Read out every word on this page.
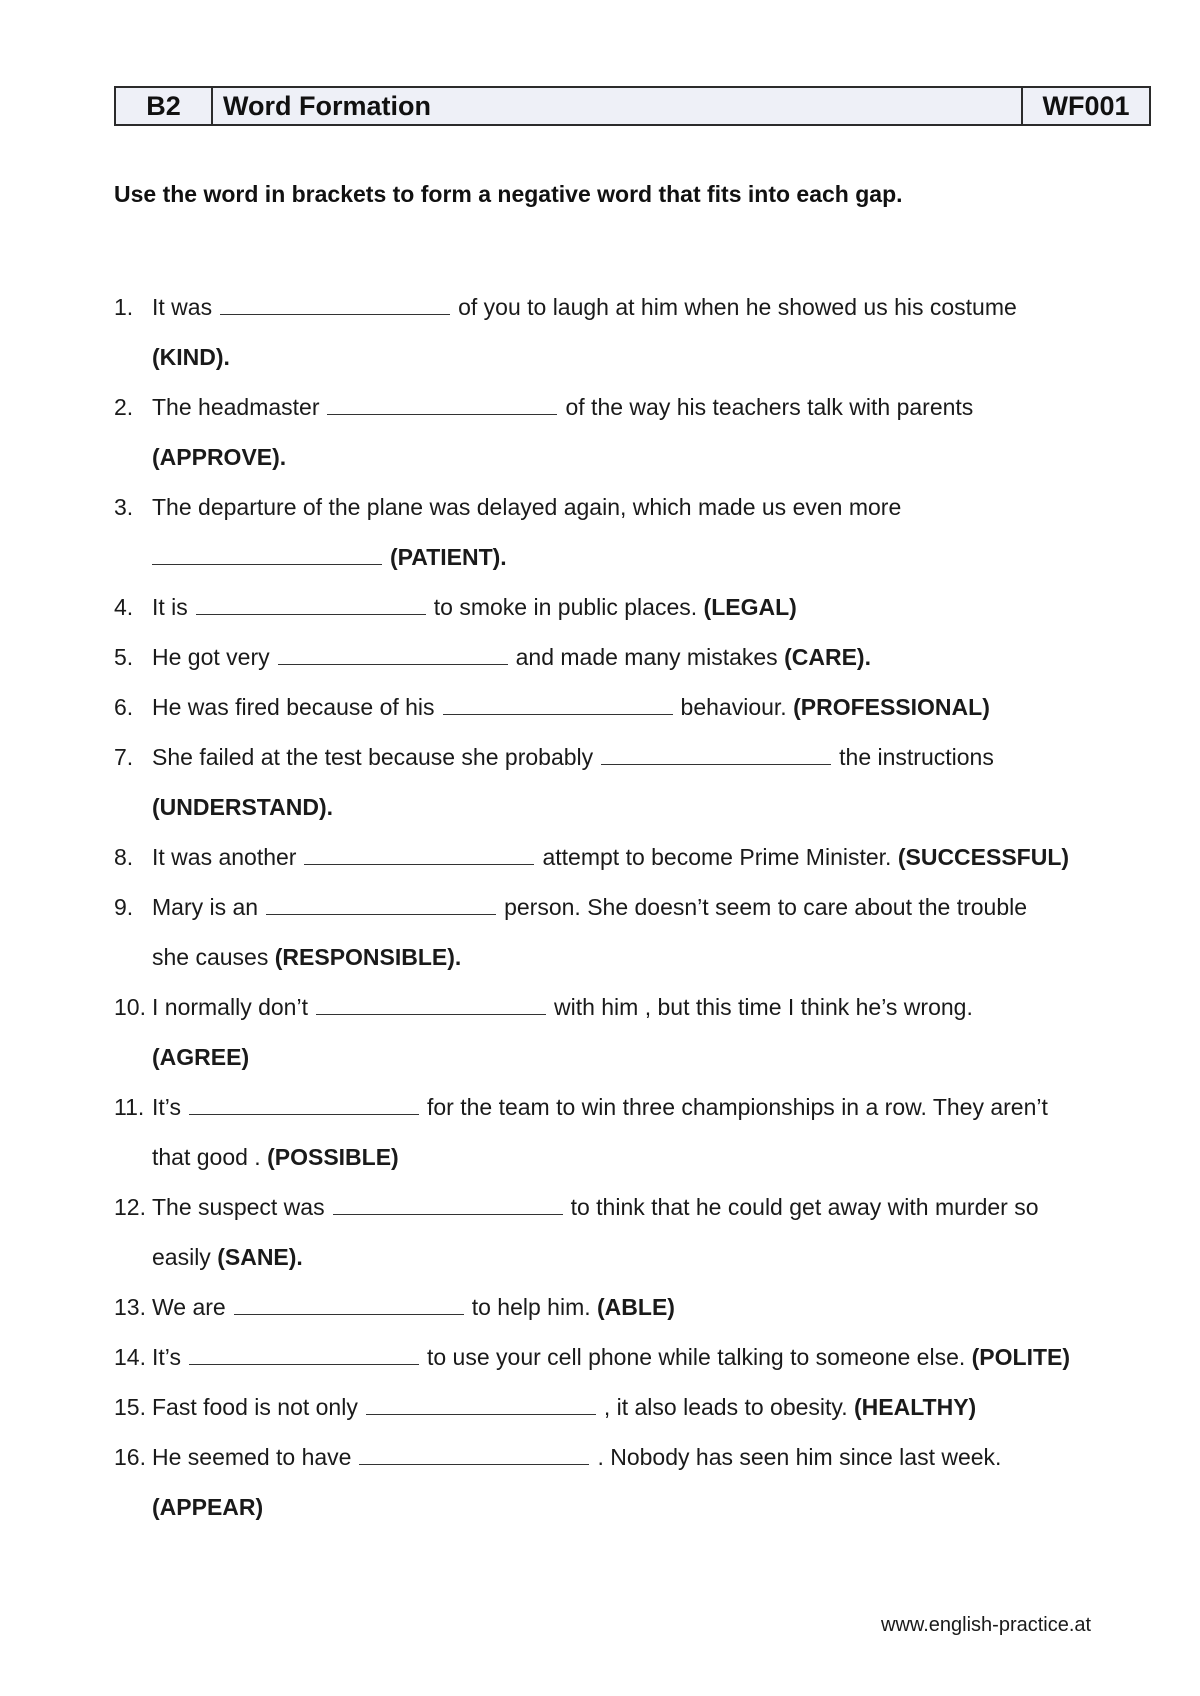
B2	Word Formation	WF001
Use the word in brackets to form a negative word that fits into each gap.
1. It was	of you to laugh at him when he showed us his costume
(KIND).
2. The headmaster	of the way his teachers talk with parents
(APPROVE).
3. The departure of the plane was delayed again, which made us even more
(PATIENT).
4. It is	to smoke in public places. (LEGAL)
5. He got very	and made many mistakes (CARE).
6. He was fired because of his	behaviour. (PROFESSIONAL)
7. She failed at the test because she probably	the instructions
(UNDERSTAND).
8. It was another	attempt to become Prime Minister. (SUCCESSFUL)
9. Mary is an	person. She doesn’t seem to care about the trouble
she causes (RESPONSIBLE).
10. I normally don’t	with him , but this time I think he’s wrong.
(AGREE)
11. It’s	for the team to win three championships in a row. They aren’t
that good . (POSSIBLE)
12. The suspect was	to think that he could get away with murder so
easily (SANE).
13. We are	to help him. (ABLE)
14. It’s	to use your cell phone while talking to someone else. (POLITE)
15. Fast food is not only	, it also leads to obesity. (HEALTHY)
16. He seemed to have	. Nobody has seen him since last week.
(APPEAR)
www.english-practice.at
